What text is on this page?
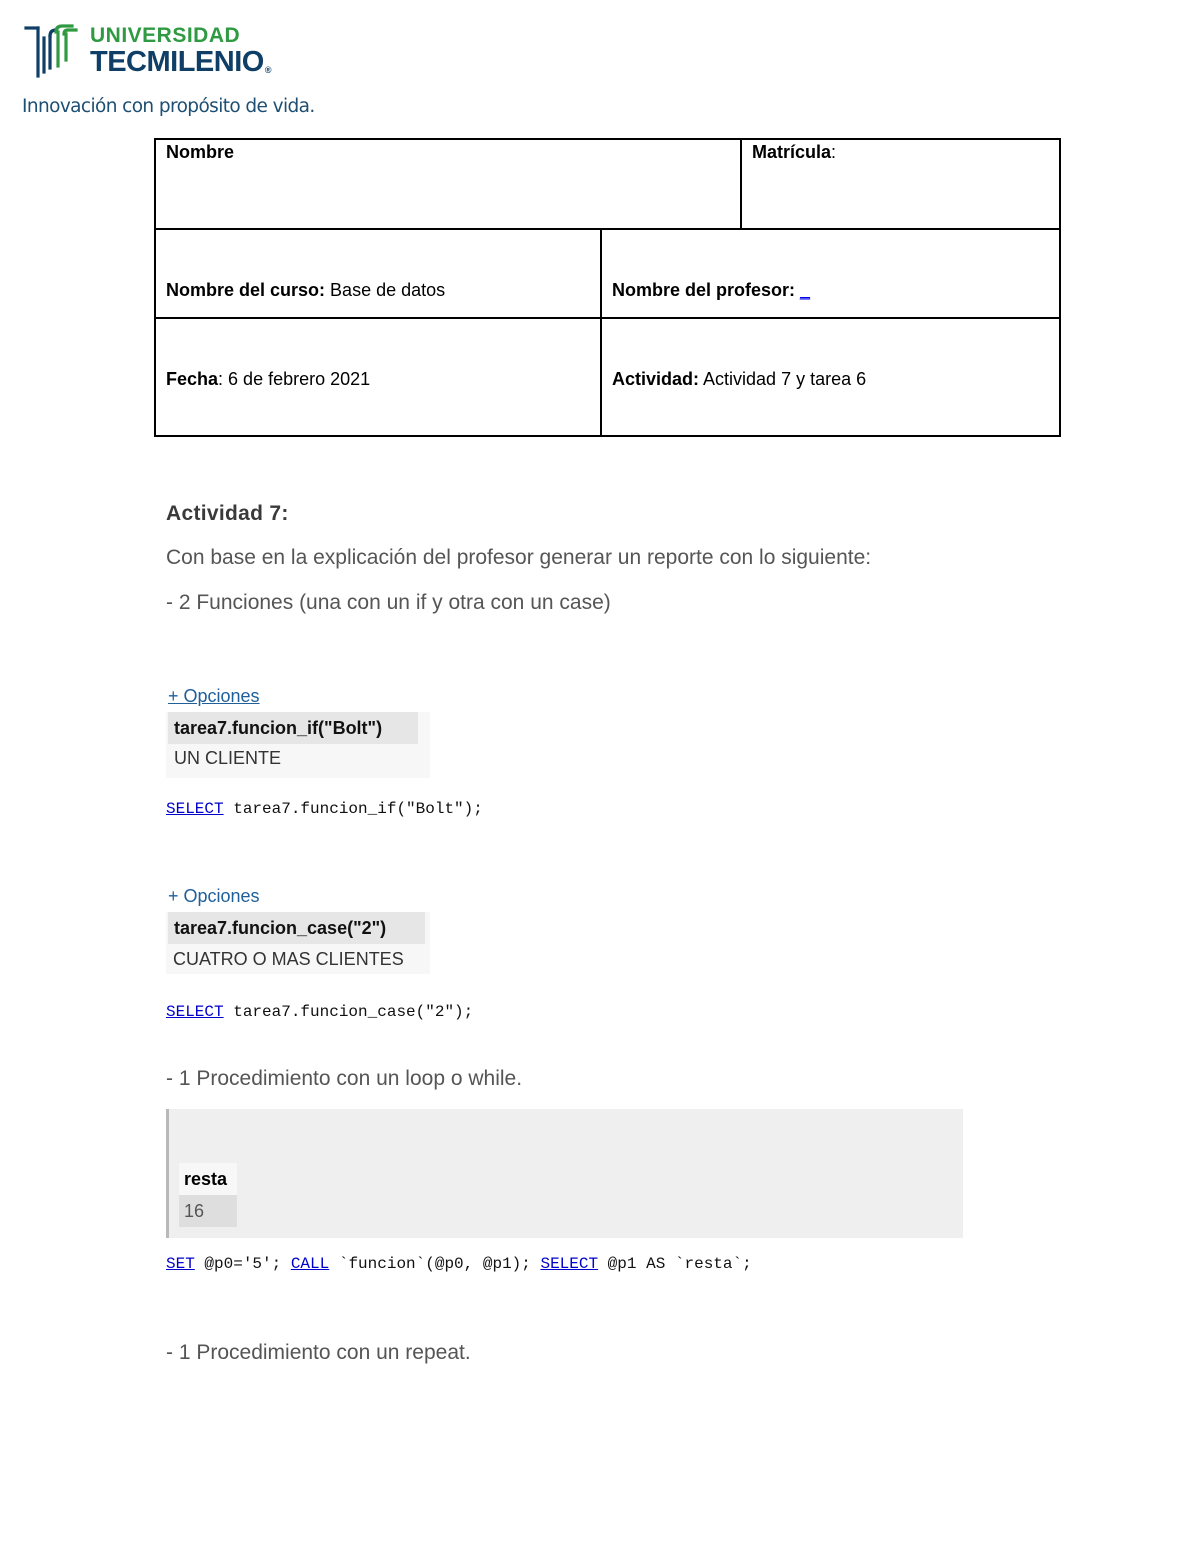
UNIVERSIDAD
TECMILENIO®
Innovación con propósito de vida.
Nombre	Matrícula:
Nombre del curso: Base de datos	Nombre del profesor: _
Fecha: 6 de febrero 2021	Actividad: Actividad 7 y tarea 6
Actividad 7:
Con base en la explicación del profesor generar un reporte con lo siguiente:
- 2 Funciones (una con un if y otra con un case)
+ Opciones
tarea7.funcion_if("Bolt")
UN CLIENTE
SELECT tarea7.funcion_if("Bolt");
+ Opciones
tarea7.funcion_case("2")
CUATRO O MAS CLIENTES
SELECT tarea7.funcion_case("2");
- 1 Procedimiento con un loop o while.
resta
16
SET @p0='5'; CALL `funcion`(@p0, @p1); SELECT @p1 AS `resta`;
- 1 Procedimiento con un repeat.
